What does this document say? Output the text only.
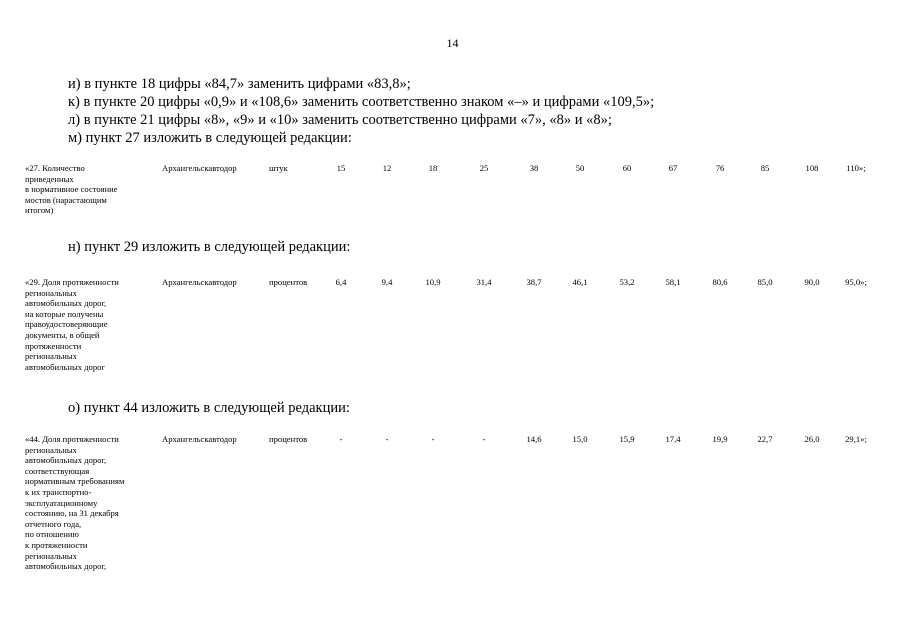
14
и) в пункте 18 цифры «84,7» заменить цифрами «83,8»;
к) в пункте 20 цифры «0,9» и «108,6» заменить соответственно знаком «–» и цифрами «109,5»;
л) в пункте 21 цифры «8», «9» и «10» заменить соответственно цифрами «7», «8» и «8»;
м) пункт 27 изложить в следующей редакции:
«27. Количество
приведенных
в нормативное состояние
мостов (нарастающим
итогом)
Архангельскавтодор	штук	15	12	18	25	38	50	60	67	76	85	108	110»;
н) пункт 29 изложить в следующей редакции:
«29. Доля протяженности
региональных
автомобильных дорог,
на которые получены
правоудостоверяющие
документы, в общей
протяженности
региональных
автомобильных дорог
Архангельскавтодор	процентов	6,4	9,4	10,9	31,4	38,7	46,1	53,2	58,1	80,6	85,0	90,0	95,0»;
о) пункт 44 изложить в следующей редакции:
«44. Доля протяженности
региональных
автомобильных дорог,
соответствующая
нормативным требованиям
к их транспортно-
эксплуатационному
состоянию, на 31 декабря
отчетного года,
по отношению
к протяженности
региональных
автомобильных дорог,
Архангельскавтодор	процентов	-	-	-	-	14,6	15,0	15,9	17,4	19,9	22,7	26,0	29,1»;
